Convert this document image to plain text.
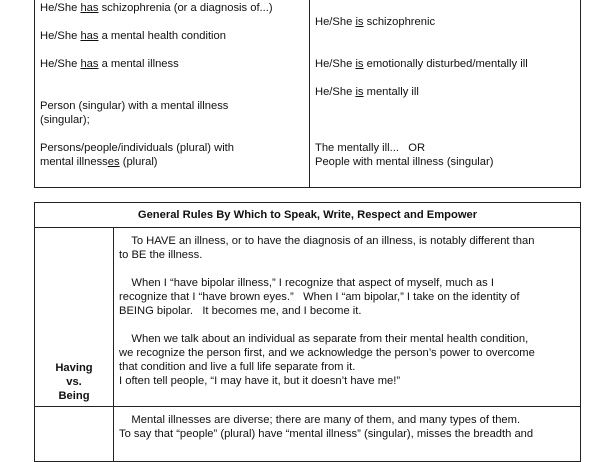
He/She has schizophrenia (or a diagnosis of...)
He/She has a mental health condition
He/She has a mental illness
Person (singular) with a mental illness
(singular);
Persons/people/individuals (plural) with
mental illnesses (plural)
He/She is schizophrenic
He/She is emotionally disturbed/mentally ill
He/She is mentally ill
The mentally ill...   OR
People with mental illness (singular)
General Rules By Which to Speak, Write, Respect and Empower
Having
vs.
Being
To HAVE an illness, or to have the diagnosis of an illness, is notably different than
to BE the illness.
When I “have bipolar illness,” I recognize that aspect of myself, much as I
recognize that I “have brown eyes.”   When I “am bipolar,” I take on the identity of
BEING bipolar.   It becomes me, and I become it.
When we talk about an individual as separate from their mental health condition,
we recognize the person first, and we acknowledge the person’s power to overcome
that condition and live a full life separate from it.
I often tell people, “I may have it, but it doesn’t have me!”
Mental illnesses are diverse; there are many of them, and many types of them.
To say that “people” (plural) have “mental illness” (singular), misses the breadth and
